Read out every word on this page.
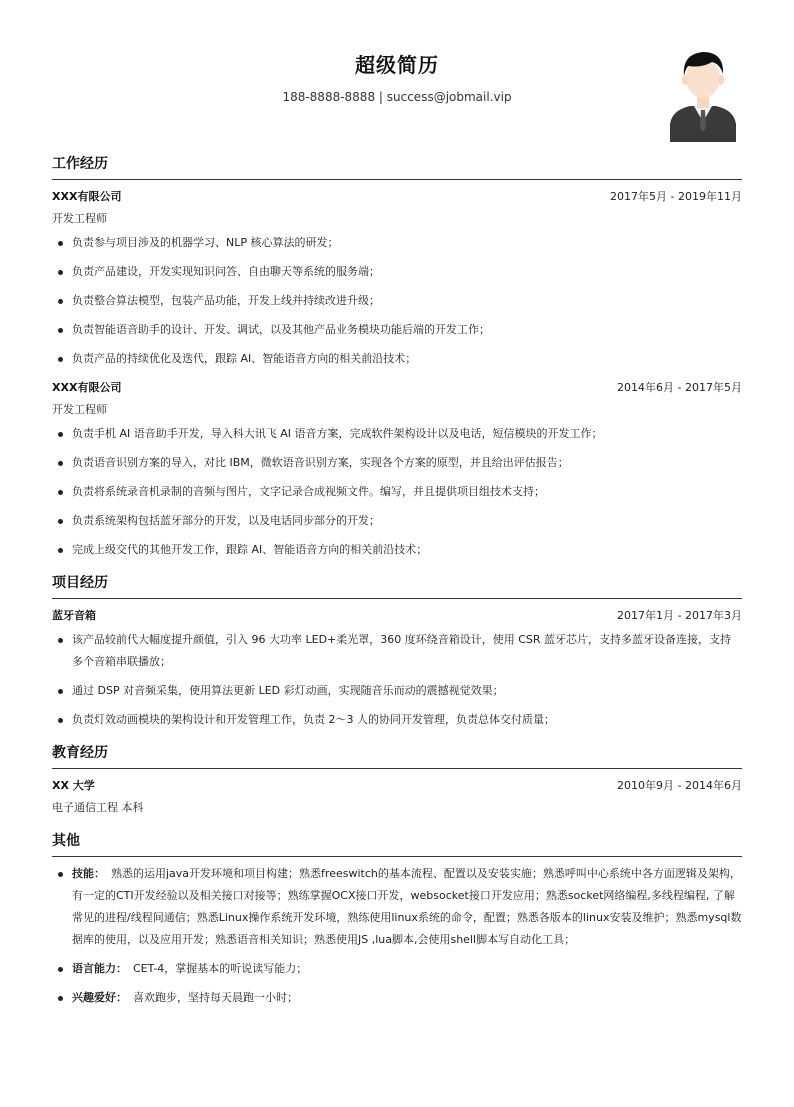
超级简历
188-8888-8888 | success@jobmail.vip
工作经历
XXX有限公司	2017年5月 - 2019年11月
开发工程师
负责参与项目涉及的机器学习、NLP 核心算法的研发；
负责产品建设，开发实现知识问答、自由聊天等系统的服务端；
负责整合算法模型，包装产品功能，开发上线并持续改进升级；
负责智能语音助手的设计、开发、调试，以及其他产品业务模块功能后端的开发工作；
负责产品的持续优化及迭代，跟踪 AI、智能语音方向的相关前沿技术；
XXX有限公司	2014年6月 - 2017年5月
开发工程师
负责手机 AI 语音助手开发，导入科大讯飞 AI 语音方案，完成软件架构设计以及电话，短信模块的开发工作；
负责语音识别方案的导入，对比 IBM，微软语音识别方案，实现各个方案的原型，并且给出评估报告；
负责将系统录音机录制的音频与图片，文字记录合成视频文件。编写，并且提供项目组技术支持；
负责系统架构包括蓝牙部分的开发，以及电话同步部分的开发；
完成上级交代的其他开发工作，跟踪 AI、智能语音方向的相关前沿技术；
项目经历
蓝牙音箱	2017年1月 - 2017年3月
该产品较前代大幅度提升颜值，引入 96 大功率 LED+柔光罩，360 度环绕音箱设计，使用 CSR 蓝牙芯片，支持多蓝牙设备连接，支持多个音箱串联播放；
通过 DSP 对音频采集，使用算法更新 LED 彩灯动画，实现随音乐而动的震撼视觉效果；
负责灯效动画模块的架构设计和开发管理工作，负责 2～3 人的协同开发管理，负责总体交付质量；
教育经历
XX 大学	2010年9月 - 2014年6月
电子通信工程 本科
其他
技能： 熟悉的运用java开发环境和项目构建；熟悉freeswitch的基本流程、配置以及安装实施；熟悉呼叫中心系统中各方面逻辑及架构，有一定的CTI开发经验以及相关接口对接等；熟练掌握OCX接口开发，websocket接口开发应用；熟悉socket网络编程,多线程编程, 了解常见的进程/线程间通信；熟悉Linux操作系统开发环境，熟练使用linux系统的命令，配置；熟悉各版本的linux安装及维护；熟悉mysql数据库的使用，以及应用开发；熟悉语音相关知识；熟悉使用JS ,lua脚本,会使用shell脚本写自动化工具；
语言能力： CET-4，掌握基本的听说读写能力；
兴趣爱好： 喜欢跑步，坚持每天晨跑一小时；
